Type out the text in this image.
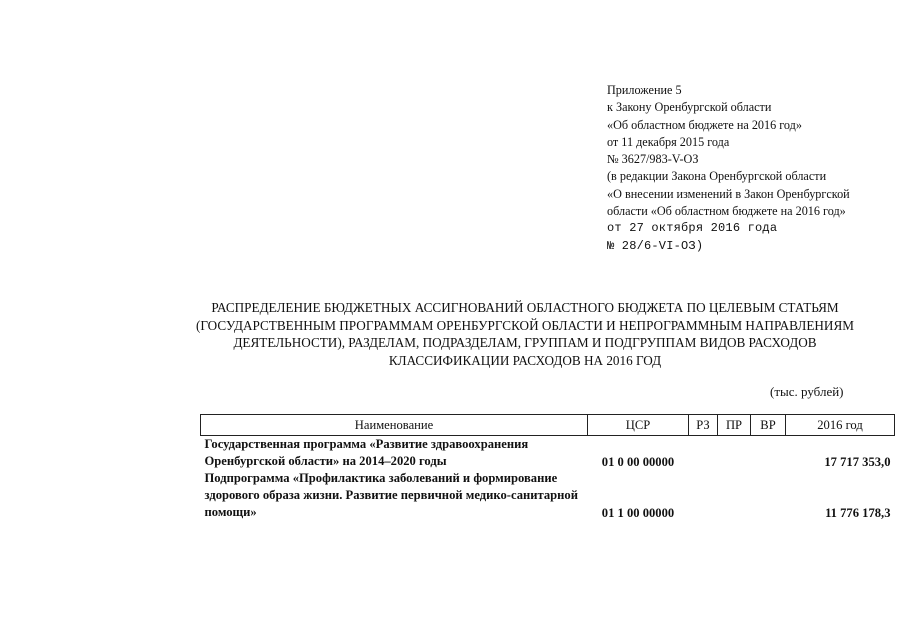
Приложение 5
к Закону Оренбургской области
«Об областном бюджете на 2016 год»
от 11 декабря 2015 года
№ 3627/983-V-ОЗ
(в редакции Закона Оренбургской области
«О внесении изменений в Закон Оренбургской
области «Об областном бюджете на 2016 год»
от 27 октября 2016 года
№ 28/6-VI-ОЗ)
РАСПРЕДЕЛЕНИЕ БЮДЖЕТНЫХ АССИГНОВАНИЙ ОБЛАСТНОГО БЮДЖЕТА ПО ЦЕЛЕВЫМ СТАТЬЯМ
(ГОСУДАРСТВЕННЫМ ПРОГРАММАМ ОРЕНБУРГСКОЙ ОБЛАСТИ И НЕПРОГРАММНЫМ НАПРАВЛЕНИЯМ
ДЕЯТЕЛЬНОСТИ), РАЗДЕЛАМ, ПОДРАЗДЕЛАМ, ГРУППАМ И ПОДГРУППАМ ВИДОВ РАСХОДОВ
КЛАССИФИКАЦИИ РАСХОДОВ НА 2016 ГОД
(тыс. рублей)
Наименование	ЦСР	РЗ	ПР	ВР	2016 год
Государственная программа «Развитие здравоохранения Оренбургской области» на 2014–2020 годы	01 0 00 00000				17 717 353,0
Подпрограмма «Профилактика заболеваний и формирование здорового образа жизни. Развитие первичной медико-санитарной помощи»	01 1 00 00000				11 776 178,3
